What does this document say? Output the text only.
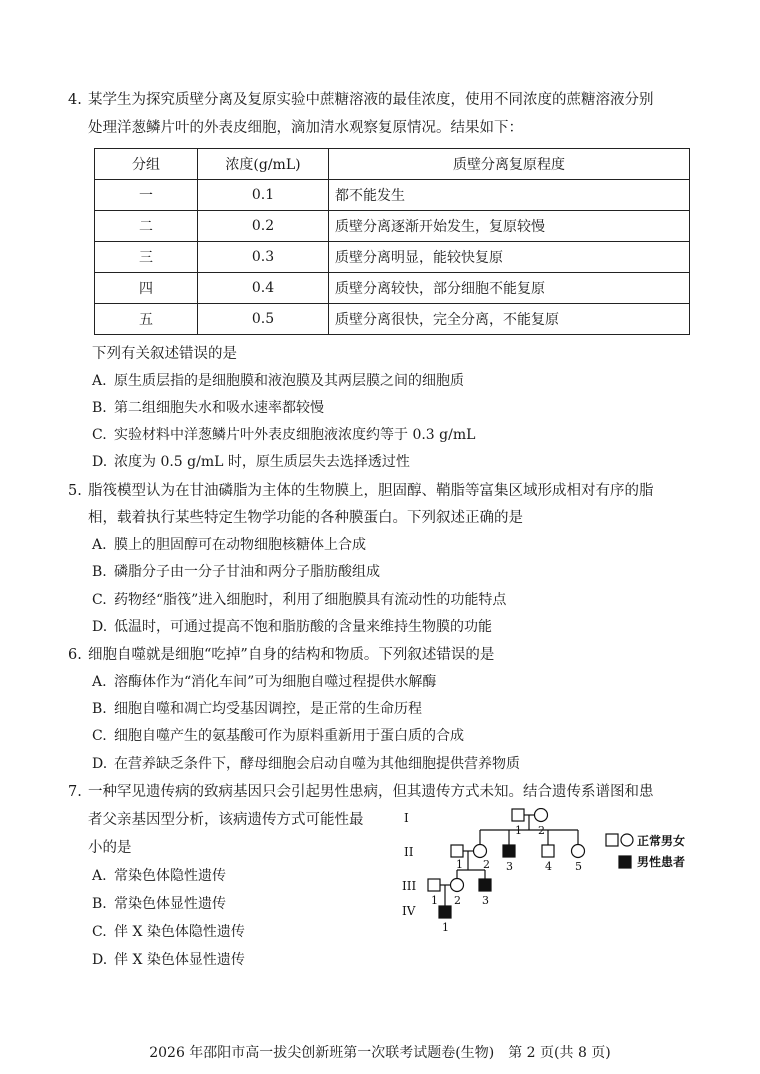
4. 某学生为探究质壁分离及复原实验中蔗糖溶液的最佳浓度，使用不同浓度的蔗糖溶液分别
处理洋葱鳞片叶的外表皮细胞，滴加清水观察复原情况。结果如下：
分组	浓度(g/mL)	质壁分离复原程度
一	0.1	都不能发生
二	0.2	质壁分离逐渐开始发生，复原较慢
三	0.3	质壁分离明显，能较快复原
四	0.4	质壁分离较快，部分细胞不能复原
五	0.5	质壁分离很快，完全分离，不能复原
下列有关叙述错误的是
A. 原生质层指的是细胞膜和液泡膜及其两层膜之间的细胞质
B. 第二组细胞失水和吸水速率都较慢
C. 实验材料中洋葱鳞片叶外表皮细胞液浓度约等于 0.3 g/mL
D. 浓度为 0.5 g/mL 时，原生质层失去选择透过性
5. 脂筏模型认为在甘油磷脂为主体的生物膜上，胆固醇、鞘脂等富集区域形成相对有序的脂
相，载着执行某些特定生物学功能的各种膜蛋白。下列叙述正确的是
A. 膜上的胆固醇可在动物细胞核糖体上合成
B. 磷脂分子由一分子甘油和两分子脂肪酸组成
C. 药物经“脂筏”进入细胞时，利用了细胞膜具有流动性的功能特点
D. 低温时，可通过提高不饱和脂肪酸的含量来维持生物膜的功能
6. 细胞自噬就是细胞“吃掉”自身的结构和物质。下列叙述错误的是
A. 溶酶体作为“消化车间”可为细胞自噬过程提供水解酶
B. 细胞自噬和凋亡均受基因调控，是正常的生命历程
C. 细胞自噬产生的氨基酸可作为原料重新用于蛋白质的合成
D. 在营养缺乏条件下，酵母细胞会启动自噬为其他细胞提供营养物质
7. 一种罕见遗传病的致病基因只会引起男性患病，但其遗传方式未知。结合遗传系谱图和患
者父亲基因型分析，该病遗传方式可能性最
小的是
A. 常染色体隐性遗传
B. 常染色体显性遗传
C. 伴 X 染色体隐性遗传
D. 伴 X 染色体显性遗传
I
II
III
IV
1 2
1 2 3	4 5
1 2 3
1
正常男女
男性患者
2026 年邵阳市高一拔尖创新班第一次联考试题卷(生物)　第 2 页(共 8 页)
